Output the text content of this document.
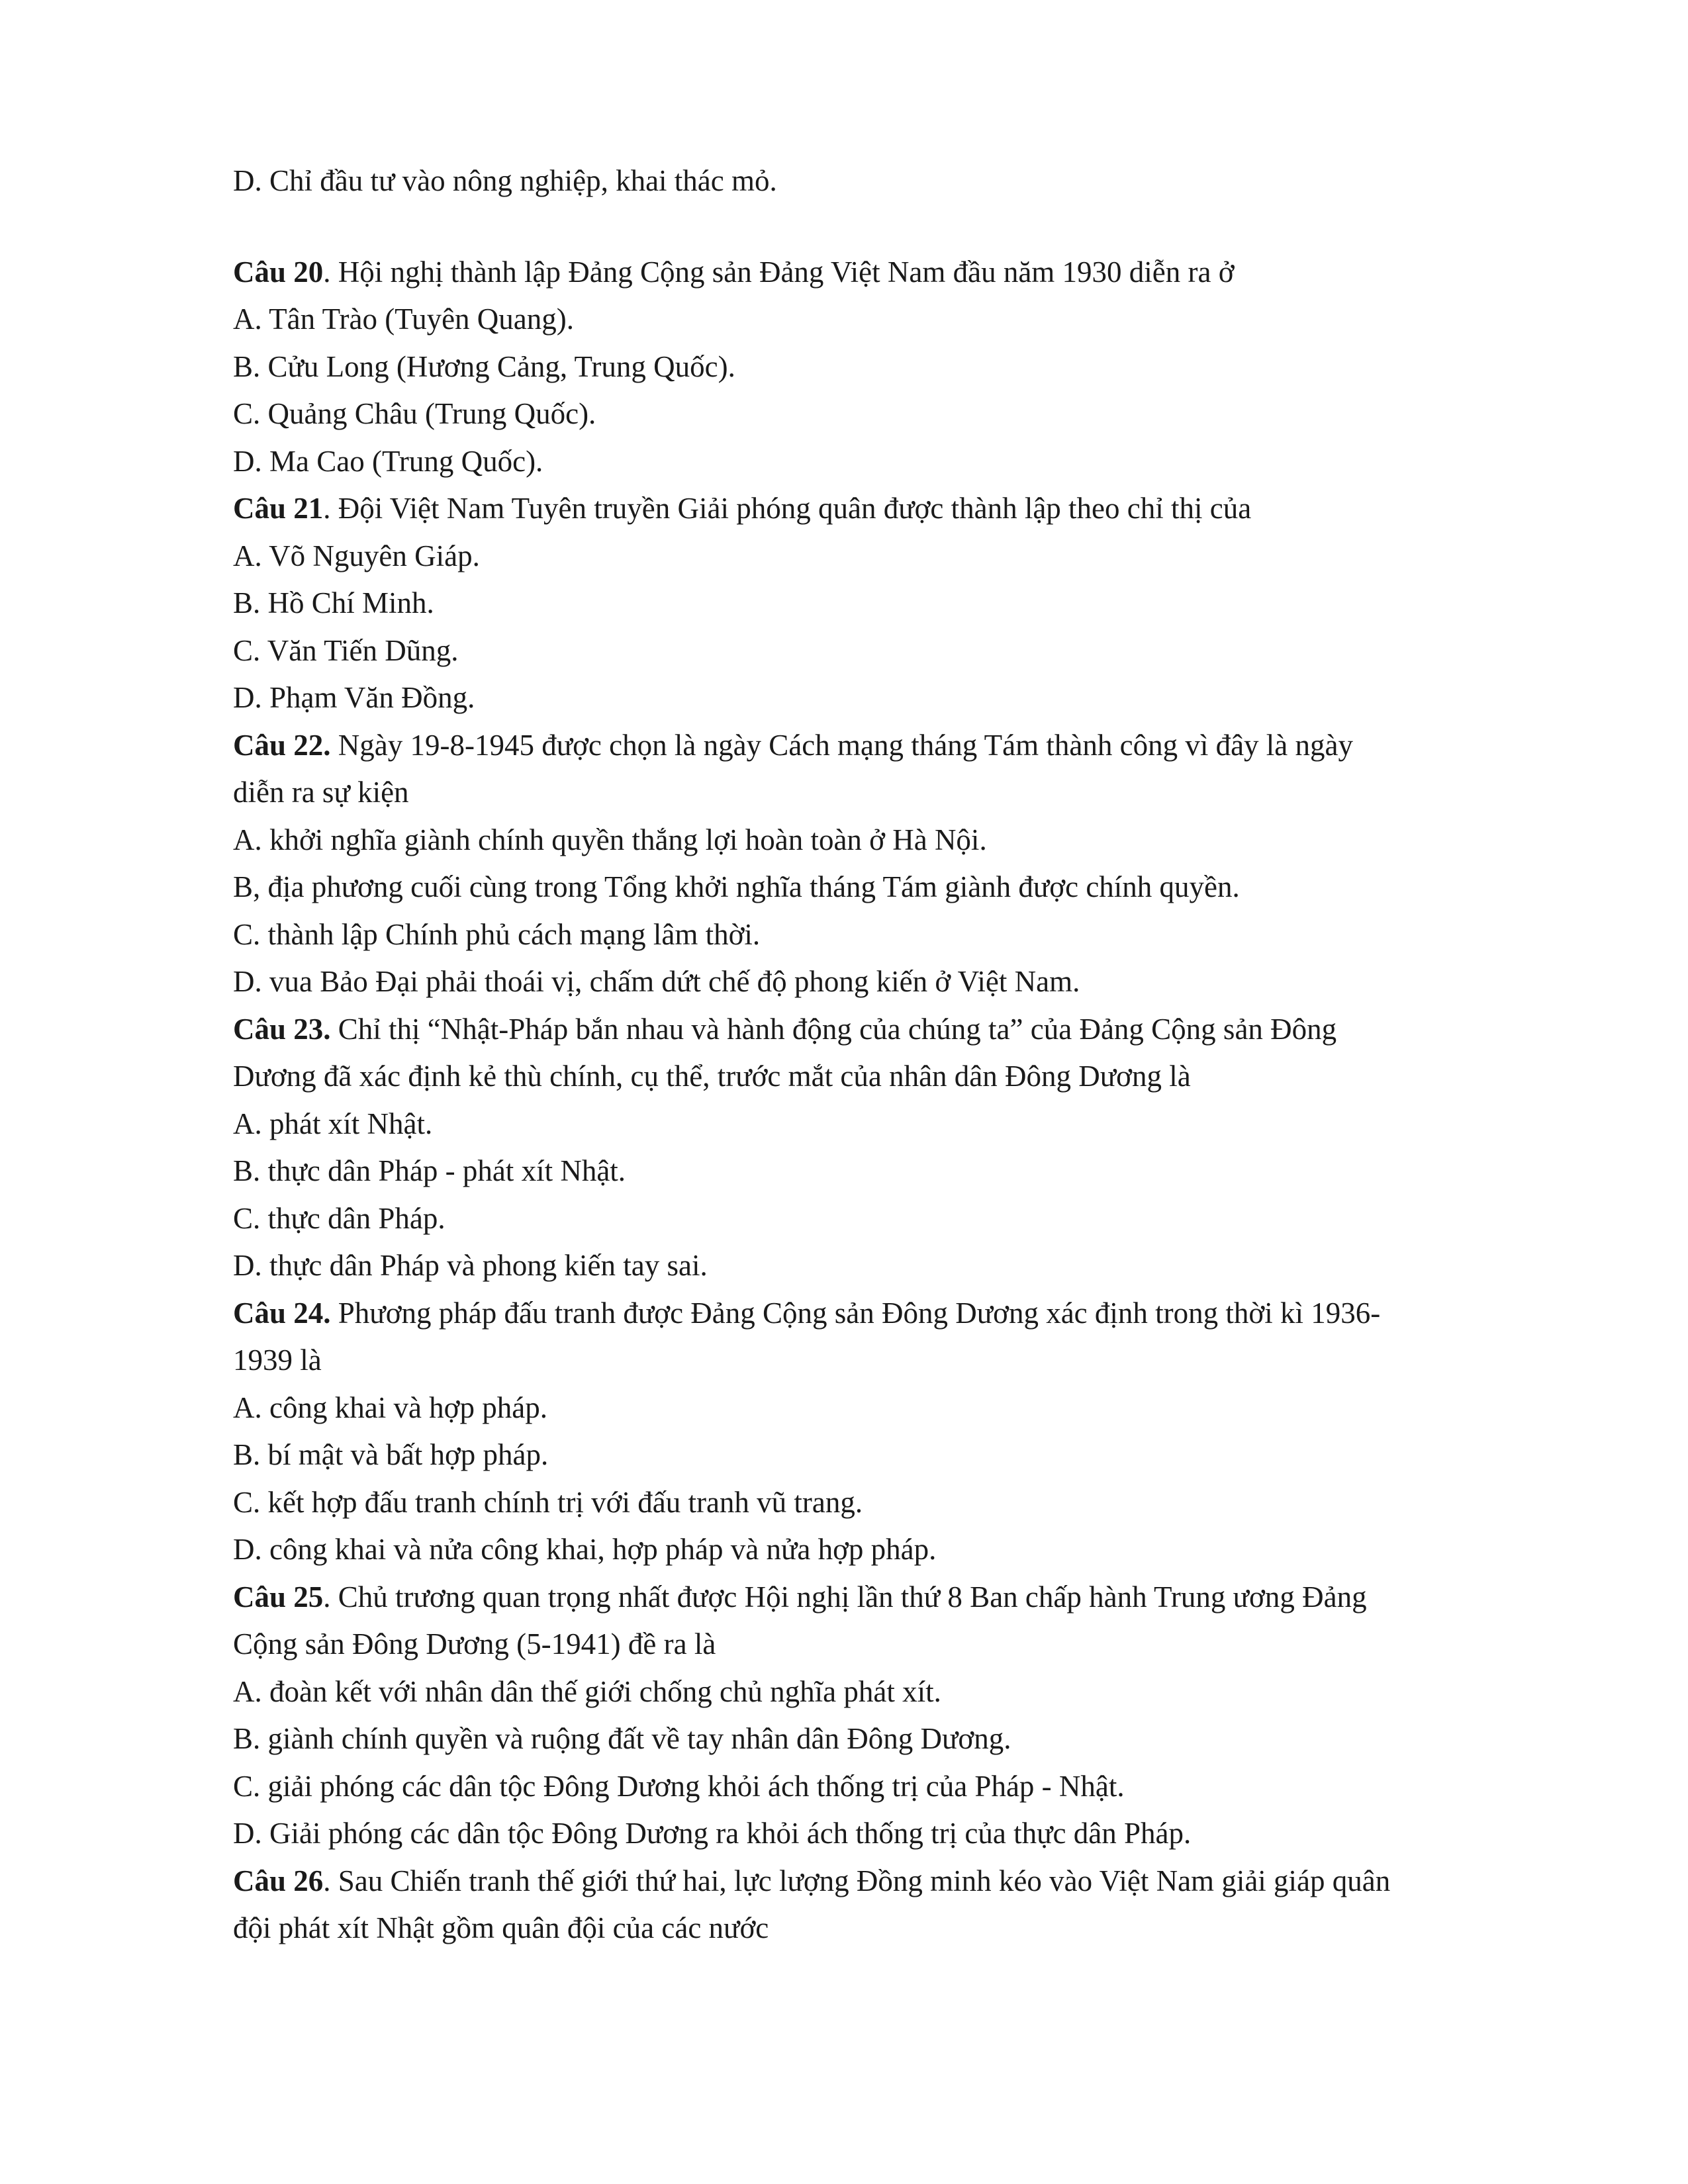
D. Chỉ đầu tư vào nông nghiệp, khai thác mỏ.
Câu 20. Hội nghị thành lập Đảng Cộng sản Đảng Việt Nam đầu năm 1930 diễn ra ở
A. Tân Trào (Tuyên Quang).
B. Cửu Long (Hương Cảng, Trung Quốc).
C. Quảng Châu (Trung Quốc).
D. Ma Cao (Trung Quốc).
Câu 21. Đội Việt Nam Tuyên truyền Giải phóng quân được thành lập theo chỉ thị của
A. Võ Nguyên Giáp.
B. Hồ Chí Minh.
C. Văn Tiến Dũng.
D. Phạm Văn Đồng.
Câu 22. Ngày 19-8-1945 được chọn là ngày Cách mạng tháng Tám thành công vì đây là ngày
diễn ra sự kiện
A. khởi nghĩa giành chính quyền thắng lợi hoàn toàn ở Hà Nội.
B, địa phương cuối cùng trong Tổng khởi nghĩa tháng Tám giành được chính quyền.
C. thành lập Chính phủ cách mạng lâm thời.
D. vua Bảo Đại phải thoái vị, chấm dứt chế độ phong kiến ở Việt Nam.
Câu 23. Chỉ thị “Nhật-Pháp bắn nhau và hành động của chúng ta” của Đảng Cộng sản Đông
Dương đã xác định kẻ thù chính, cụ thể, trước mắt của nhân dân Đông Dương là
A. phát xít Nhật.
B. thực dân Pháp - phát xít Nhật.
C. thực dân Pháp.
D. thực dân Pháp và phong kiến tay sai.
Câu 24. Phương pháp đấu tranh được Đảng Cộng sản Đông Dương xác định trong thời kì 1936-
1939 là
A. công khai và hợp pháp.
B. bí mật và bất hợp pháp.
C. kết hợp đấu tranh chính trị với đấu tranh vũ trang.
D. công khai và nửa công khai, hợp pháp và nửa hợp pháp.
Câu 25. Chủ trương quan trọng nhất được Hội nghị lần thứ 8 Ban chấp hành Trung ương Đảng
Cộng sản Đông Dương (5-1941) đề ra là
A. đoàn kết với nhân dân thế giới chống chủ nghĩa phát xít.
B. giành chính quyền và ruộng đất về tay nhân dân Đông Dương.
C. giải phóng các dân tộc Đông Dương khỏi ách thống trị của Pháp - Nhật.
D. Giải phóng các dân tộc Đông Dương ra khỏi ách thống trị của thực dân Pháp.
Câu 26. Sau Chiến tranh thế giới thứ hai, lực lượng Đồng minh kéo vào Việt Nam giải giáp quân
đội phát xít Nhật gồm quân đội của các nước
